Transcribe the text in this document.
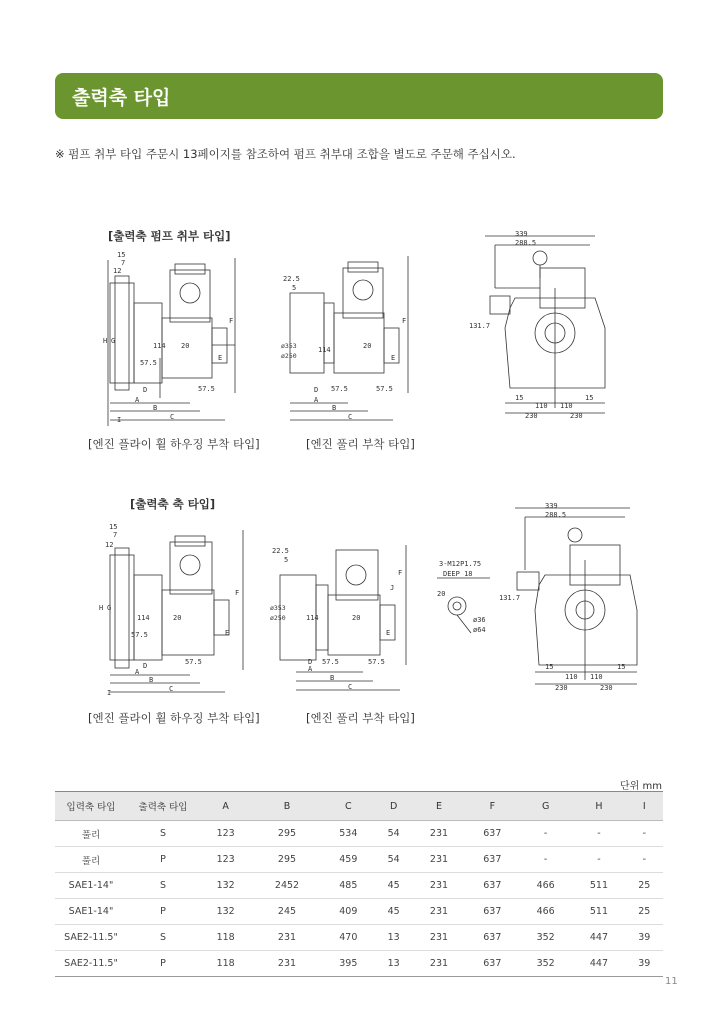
출력축 타입
※ 펌프 취부 타입 주문시 13페이지를 참조하여 펌프 취부대 조합을 별도로 주문해 주십시오.
[출력축 펌프 취부 타입]
15
7
12
H G
114 20
57.5
57.5
F
E
D
A
B
C
I
[엔진 플라이 휠 하우징 부착 타입]
22.5
5
ø353
ø250
114	20
57.5	57.5
F
E
D
A
B
C
[엔진 풀리 부착 타입]
339
288.5
131.7
15	15
110 110
230	230
[출력축 축 타입]
15
7
12
H G
114	20
57.5
57.5
F
E
D
A
B
C
I
[엔진 플라이 휠 하우징 부착 타입]
22.5
5
ø353
ø250	114	20
57.5	57.5
F
J
E
D
A
B
C
[엔진 풀리 부착 타입]
3-M12P1.75
DEEP 18
20
ø36
ø64
339
288.5
131.7
15	15
110 110
230	230
단위 mm
입력축 타입	출력축 타입	A	B	C	D	E	F	G	H	I
풀리	S	123	295	534	54	231	637	-	-	-
풀리	P	123	295	459	54	231	637	-	-	-
SAE1-14"	S	132	2452	485	45	231	637	466	511	25
SAE1-14"	P	132	245	409	45	231	637	466	511	25
SAE2-11.5"	S	118	231	470	13	231	637	352	447	39
SAE2-11.5"	P	118	231	395	13	231	637	352	447	39
11
